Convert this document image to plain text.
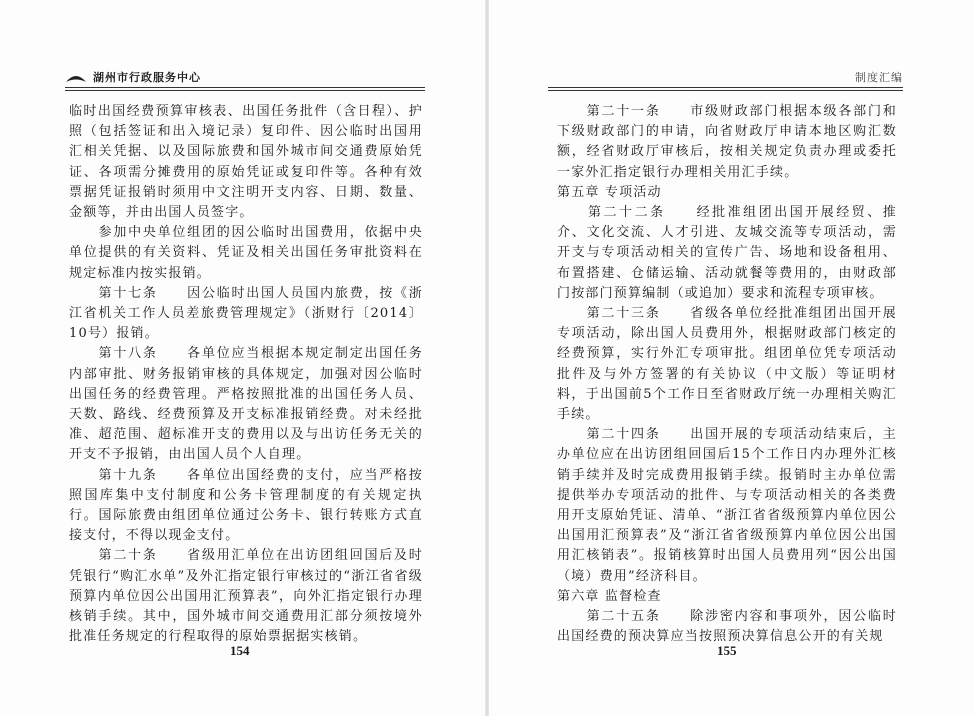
湖州市行政服务中心

临时出国经费预算审核表、出国任务批件（含日程）、护照（包括签证和出入境记录）复印件、因公临时出国用汇相关凭据、以及国际旅费和国外城市间交通费原始凭证、各项需分摊费用的原始凭证或复印件等。各种有效票据凭证报销时须用中文注明开支内容、日期、数量、金额等，并由出国人员签字。

　　参加中央单位组团的因公临时出国费用，依据中央单位提供的有关资料、凭证及相关出国任务审批资料在规定标准内按实报销。

　　第十七条　　因公临时出国人员国内旅费，按《浙江省机关工作人员差旅费管理规定》（浙财行〔2014〕10号）报销。

　　第十八条　　各单位应当根据本规定制定出国任务内部审批、财务报销审核的具体规定，加强对因公临时出国任务的经费管理。严格按照批准的出国任务人员、天数、路线、经费预算及开支标准报销经费。对未经批准、超范围、超标准开支的费用以及与出访任务无关的开支不予报销，由出国人员个人自理。

　　第十九条　　各单位出国经费的支付，应当严格按照国库集中支付制度和公务卡管理制度的有关规定执行。国际旅费由组团单位通过公务卡、银行转账方式直接支付，不得以现金支付。

　　第二十条　　省级用汇单位在出访团组回国后及时凭银行“购汇水单”及外汇指定银行审核过的“浙江省省级预算内单位因公出国用汇预算表”，向外汇指定银行办理核销手续。其中，国外城市间交通费用汇部分须按境外批准任务规定的行程取得的原始票据据实核销。

154
制度汇编

　　第二十一条　　市级财政部门根据本级各部门和下级财政部门的申请，向省财政厅申请本地区购汇数额，经省财政厅审核后，按相关规定负责办理或委托一家外汇指定银行办理相关用汇手续。

第五章 专项活动

　　第二十二条　　经批准组团出国开展经贸、推介、文化交流、人才引进、友城交流等专项活动，需开支与专项活动相关的宣传广告、场地和设备租用、布置搭建、仓储运输、活动就餐等费用的，由财政部门按部门预算编制（或追加）要求和流程专项审核。

　　第二十三条　　省级各单位经批准组团出国开展专项活动，除出国人员费用外，根据财政部门核定的经费预算，实行外汇专项审批。组团单位凭专项活动批件及与外方签署的有关协议（中文版）等证明材料，于出国前5个工作日至省财政厅统一办理相关购汇手续。

　　第二十四条　　出国开展的专项活动结束后，主办单位应在出访团组回国后15个工作日内办理外汇核销手续并及时完成费用报销手续。报销时主办单位需提供举办专项活动的批件、与专项活动相关的各类费用开支原始凭证、清单、“浙江省省级预算内单位因公出国用汇预算表”及“浙江省省级预算内单位因公出国用汇核销表”。报销核算时出国人员费用列“因公出国（境）费用”经济科目。

第六章 监督检查

　　第二十五条　　除涉密内容和事项外，因公临时出国经费的预决算应当按照预决算信息公开的有关规

155
